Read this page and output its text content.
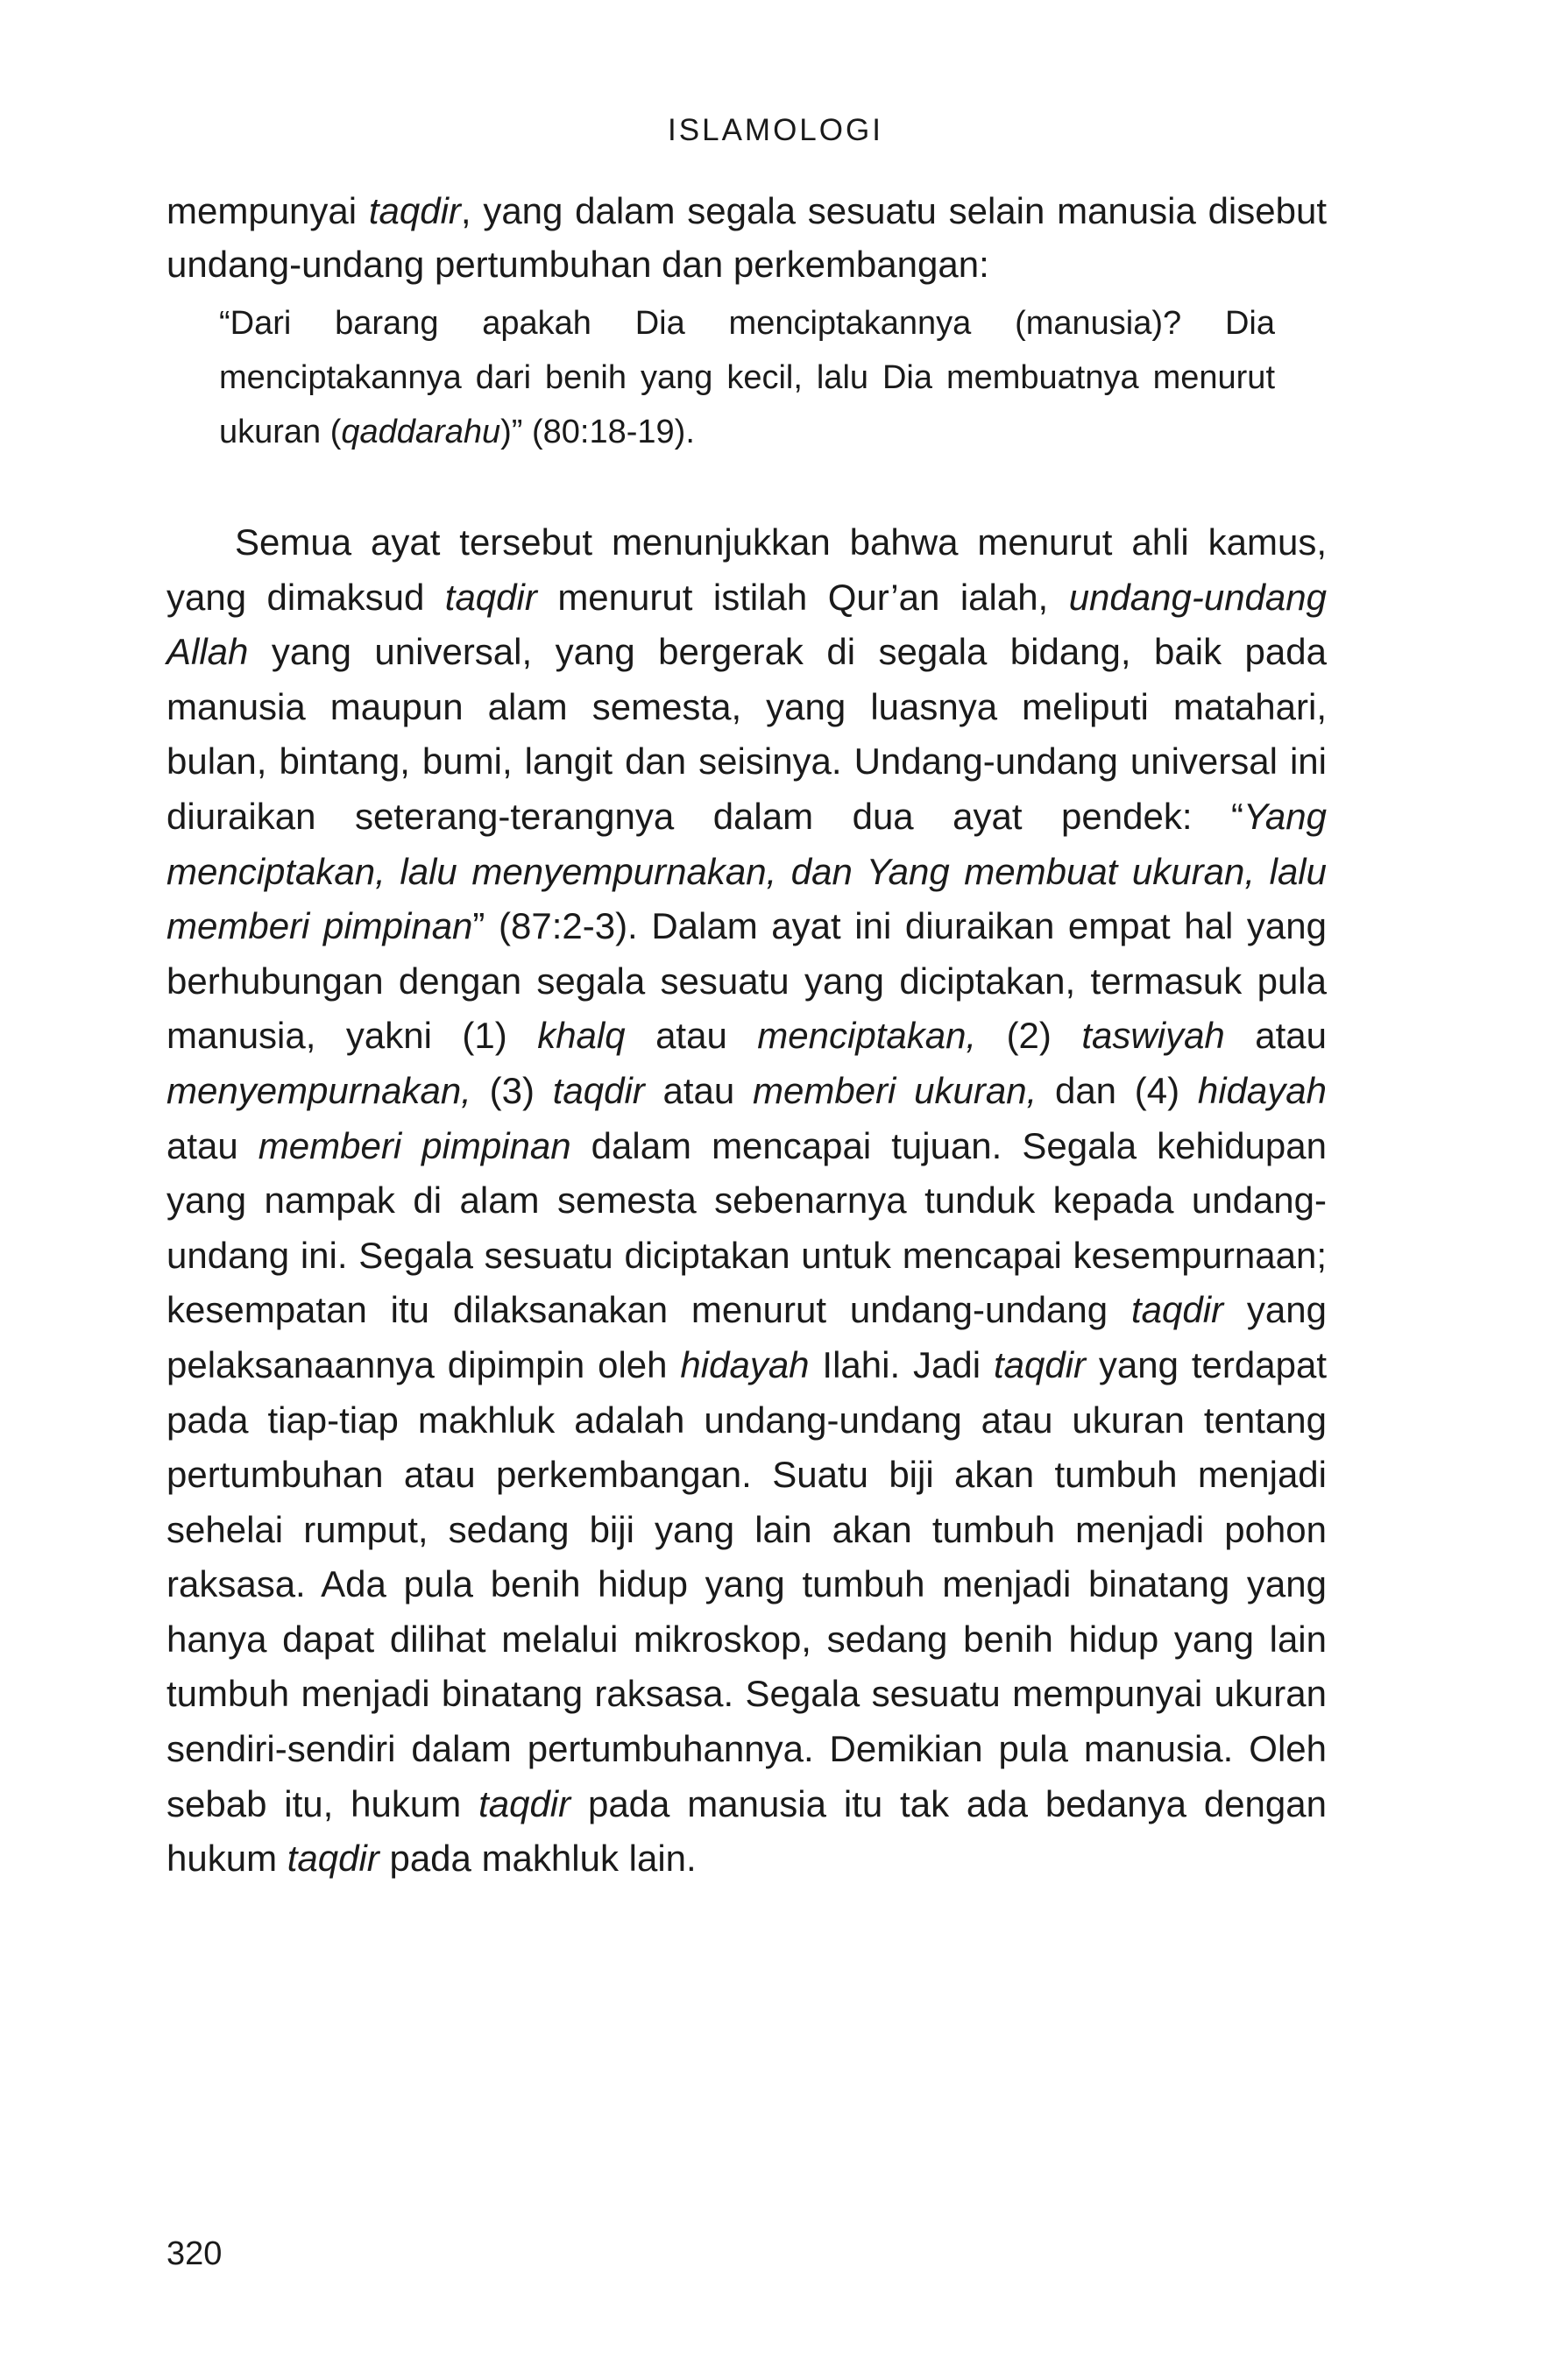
ISLAMOLOGI

mempunyai taqdir, yang dalam segala sesuatu selain manusia disebut undang-undang pertumbuhan dan perkembangan:

“Dari barang apakah Dia menciptakannya (manusia)? Dia menciptakannya dari benih yang kecil, lalu Dia membuatnya menurut ukuran (qaddarahu)” (80:18-19).

Semua ayat tersebut menunjukkan bahwa menurut ahli kamus, yang dimaksud taqdir menurut istilah Qur’an ialah, undang-undang Allah yang universal, yang bergerak di segala bidang, baik pada manusia maupun alam semesta, yang luasnya meliputi matahari, bulan, bintang, bumi, langit dan seisinya. Undang-undang universal ini diuraikan seterang-terangnya dalam dua ayat pendek: “Yang menciptakan, lalu menyempurnakan, dan Yang membuat ukuran, lalu memberi pimpinan” (87:2-3). Dalam ayat ini diuraikan empat hal yang berhubungan dengan segala sesuatu yang diciptakan, termasuk pula manusia, yakni (1) khalq atau menciptakan, (2) taswiyah atau menyempurnakan, (3) taqdir atau memberi ukuran, dan (4) hidayah atau memberi pimpinan dalam mencapai tujuan. Segala kehidupan yang nampak di alam semesta sebenarnya tunduk kepada undang-undang ini. Segala sesuatu diciptakan untuk mencapai kesempurnaan; kesempatan itu dilaksanakan menurut undang-undang taqdir yang pelaksanaannya dipimpin oleh hidayah Ilahi. Jadi taqdir yang terdapat pada tiap-tiap makhluk adalah undang-undang atau ukuran tentang pertumbuhan atau perkembangan. Suatu biji akan tumbuh menjadi sehelai rumput, sedang biji yang lain akan tumbuh menjadi pohon raksasa. Ada pula benih hidup yang tumbuh menjadi binatang yang hanya dapat dilihat melalui mikroskop, sedang benih hidup yang lain tumbuh menjadi binatang raksasa. Segala sesuatu mempunyai ukuran sendiri-sendiri dalam pertumbuhannya. Demikian pula manusia. Oleh sebab itu, hukum taqdir pada manusia itu tak ada bedanya dengan hukum taqdir pada makhluk lain.

320
